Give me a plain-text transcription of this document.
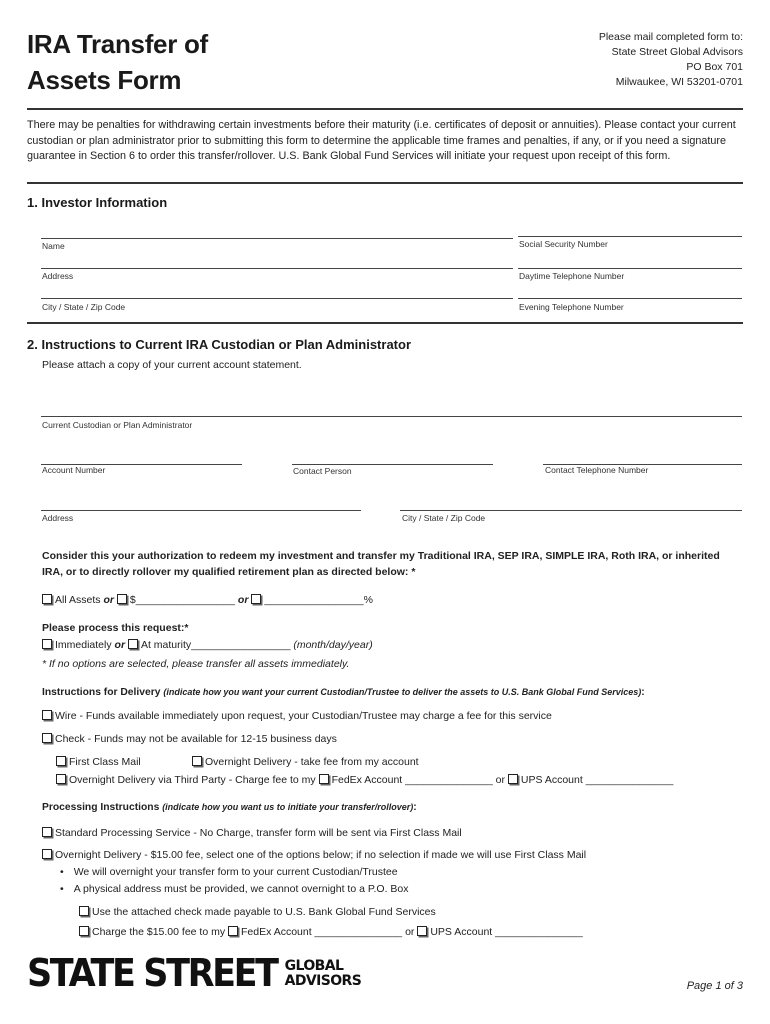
IRA Transfer of
Assets Form
Please mail completed form to:
State Street Global Advisors
PO Box 701
Milwaukee, WI 53201-0701
There may be penalties for withdrawing certain investments before their maturity (i.e. certificates of deposit or annuities). Please contact your current custodian or plan administrator prior to submitting this form to determine the applicable time frames and penalties, if any, or if you need a signature guarantee in Section 6 to order this transfer/rollover. U.S. Bank Global Fund Services will initiate your request upon receipt of this form.
1. Investor Information
Name	Social Security Number
Address	Daytime Telephone Number
City / State / Zip Code	Evening Telephone Number
2. Instructions to Current IRA Custodian or Plan Administrator
Please attach a copy of your current account statement.
Current Custodian or Plan Administrator
Account Number	Contact Person	Contact Telephone Number
Address	City / State / Zip Code
Consider this your authorization to redeem my investment and transfer my Traditional IRA, SEP IRA, SIMPLE IRA, Roth IRA, or inherited IRA, or to directly rollover my qualified retirement plan as directed below: *
All Assets or $_________________ or _________________%
Please process this request:*
Immediately or At maturity_________________ (month/day/year)
* If no options are selected, please transfer all assets immediately.
Instructions for Delivery (indicate how you want your current Custodian/Trustee to deliver the assets to U.S. Bank Global Fund Services):
Wire - Funds available immediately upon request, your Custodian/Trustee may charge a fee for this service
Check - Funds may not be available for 12-15 business days
First Class Mail	Overnight Delivery - take fee from my account
Overnight Delivery via Third Party - Charge fee to my FedEx Account _______________ or UPS Account _______________
Processing Instructions (indicate how you want us to initiate your transfer/rollover):
Standard Processing Service - No Charge, transfer form will be sent via First Class Mail
Overnight Delivery - $15.00 fee, select one of the options below; if no selection if made we will use First Class Mail
• We will overnight your transfer form to your current Custodian/Trustee
• A physical address must be provided, we cannot overnight to a P.O. Box
Use the attached check made payable to U.S. Bank Global Fund Services
Charge the $15.00 fee to my FedEx Account _______________ or UPS Account _______________
STATE STREET GLOBAL
ADVISORS	Page 1 of 3
